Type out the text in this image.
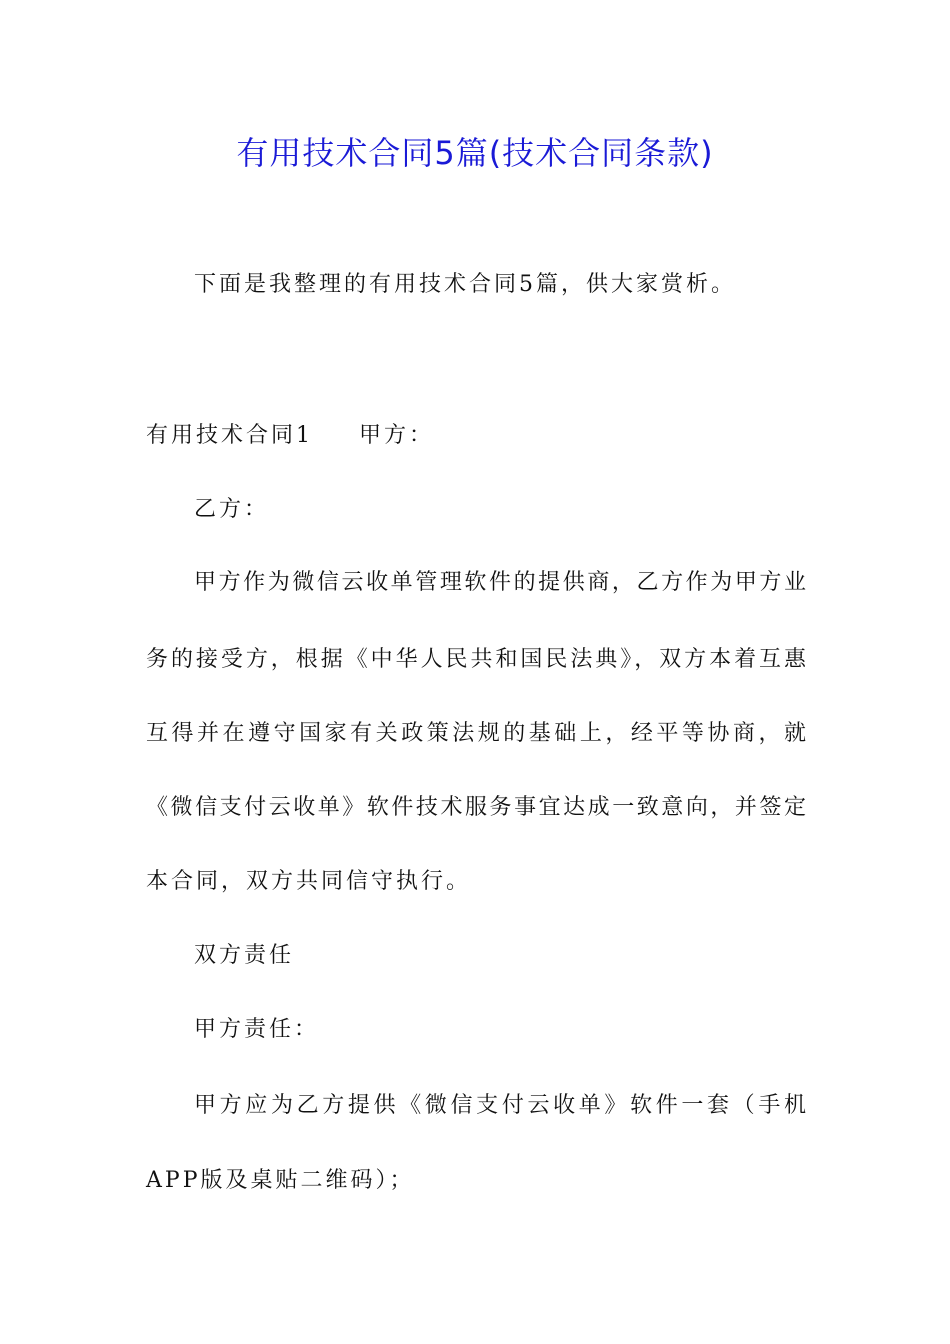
有用技术合同5篇(技术合同条款)
下面是我整理的有用技术合同5篇，供大家赏析。
有用技术合同1 甲方：
乙方：
甲方作为微信云收单管理软件的提供商，乙方作为甲方业
务的接受方，根据《中华人民共和国民法典》，双方本着互惠
互得并在遵守国家有关政策法规的基础上，经平等协商，就
《微信支付云收单》软件技术服务事宜达成一致意向，并签定
本合同，双方共同信守执行。
双方责任
甲方责任：
甲方应为乙方提供《微信支付云收单》软件一套（手机
APP版及桌贴二维码）；
